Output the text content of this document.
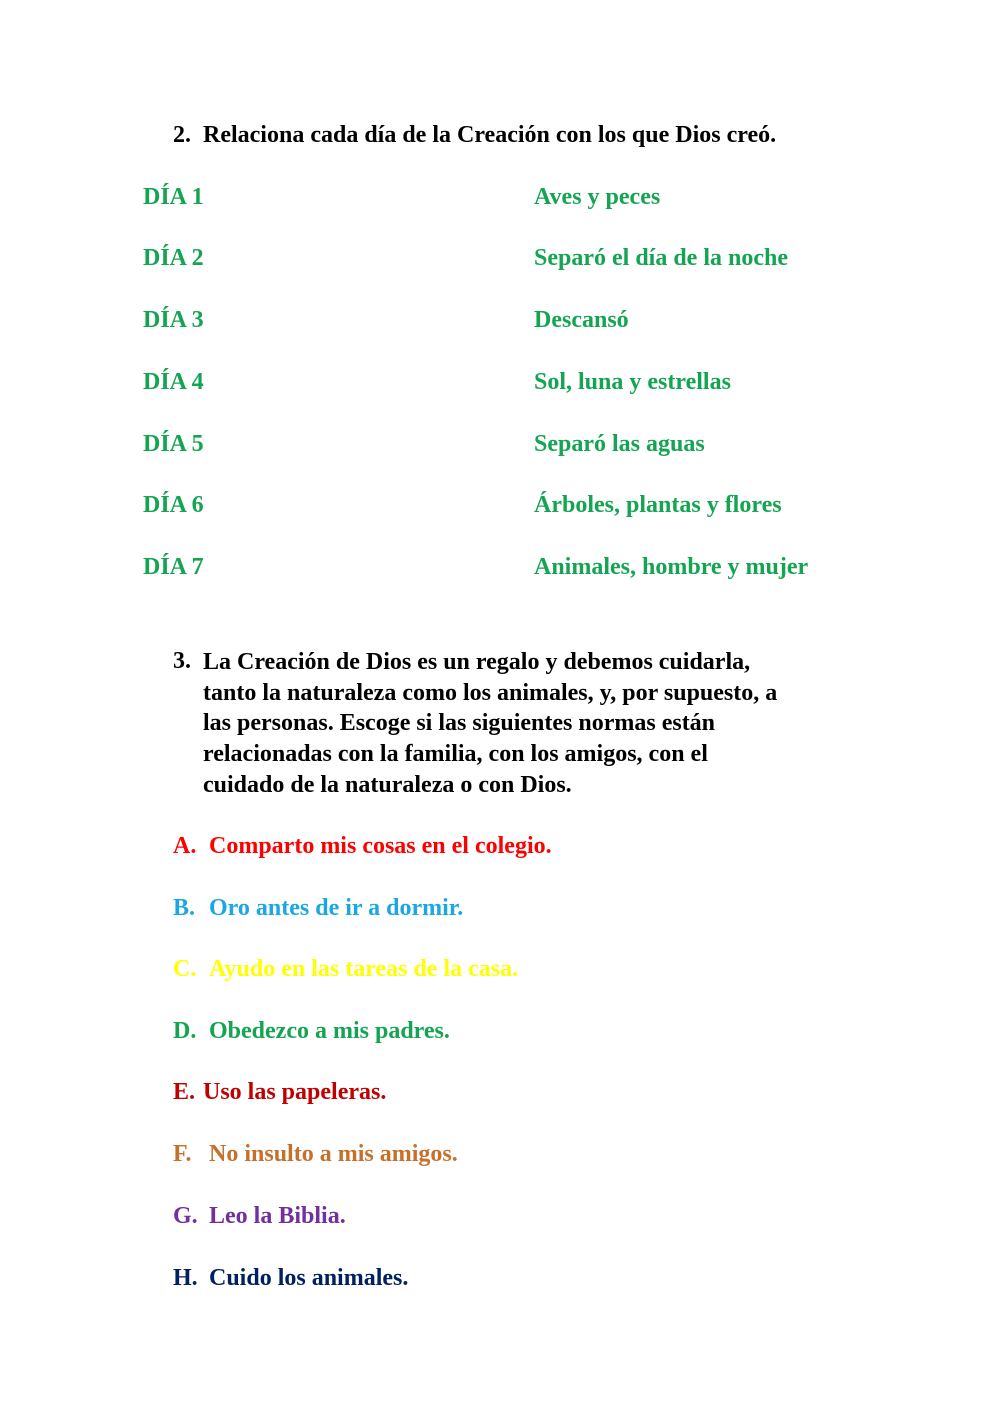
2. Relaciona cada día de la Creación con los que Dios creó.
DÍA 1	Aves y peces
DÍA 2	Separó el día de la noche
DÍA 3	Descansó
DÍA 4	Sol, luna y estrellas
DÍA 5	Separó las aguas
DÍA 6	Árboles, plantas y flores
DÍA 7	Animales, hombre y mujer
3. La Creación de Dios es un regalo y debemos cuidarla,
tanto la naturaleza como los animales, y, por supuesto, a
las personas. Escoge si las siguientes normas están
relacionadas con la familia, con los amigos, con el
cuidado de la naturaleza o con Dios.
A. Comparto mis cosas en el colegio.
B. Oro antes de ir a dormir.
C. Ayudo en las tareas de la casa.
D. Obedezco a mis padres.
E. Uso las papeleras.
F. No insulto a mis amigos.
G. Leo la Biblia.
H. Cuido los animales.
